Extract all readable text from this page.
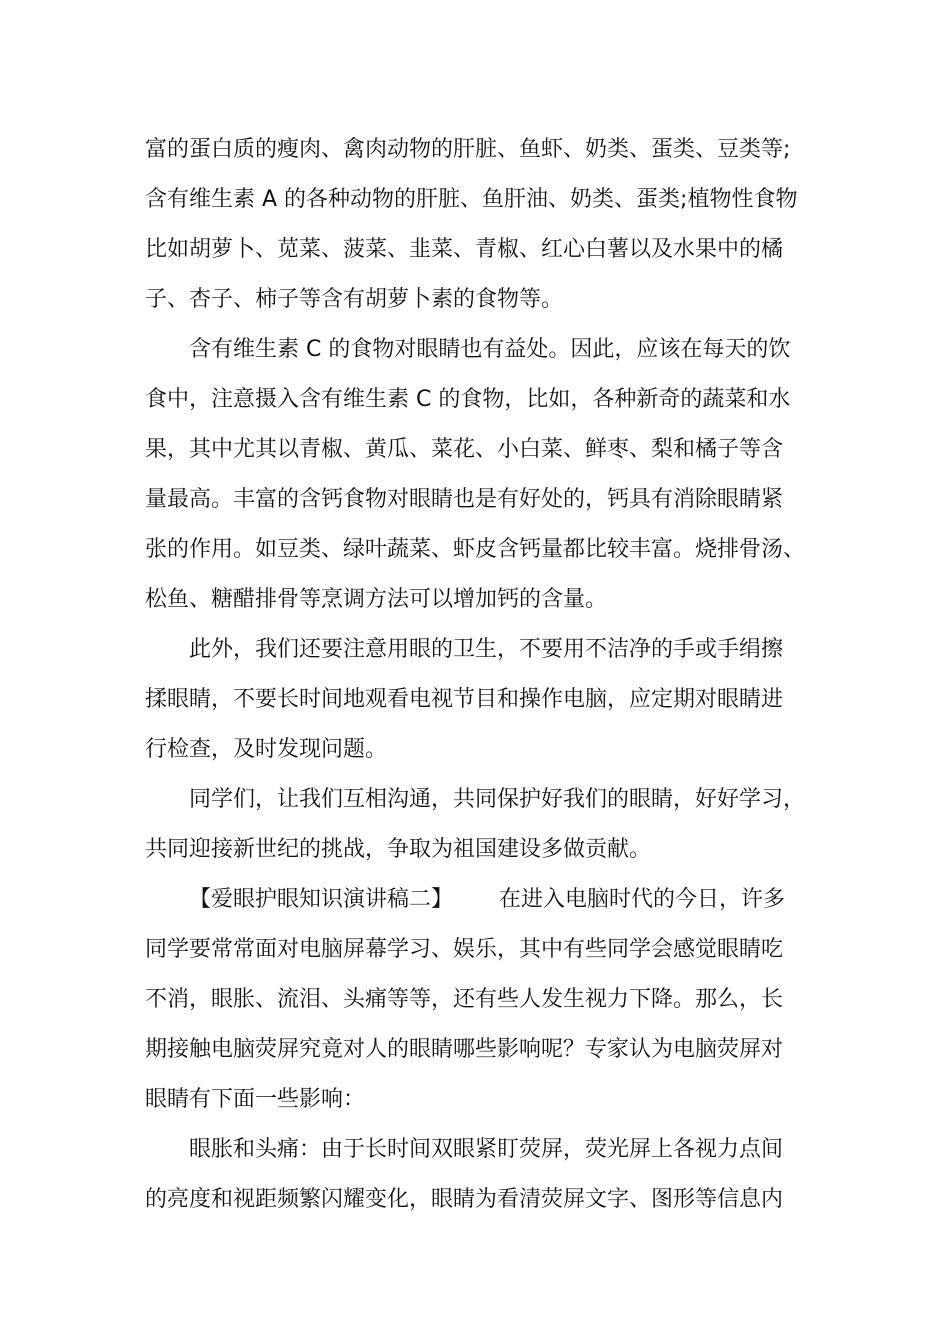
富的蛋白质的瘦肉、禽肉动物的肝脏、鱼虾、奶类、蛋类、豆类等;
含有维生素 A 的各种动物的肝脏、鱼肝油、奶类、蛋类;植物性食物
比如胡萝卜、苋菜、菠菜、韭菜、青椒、红心白薯以及水果中的橘
子、杏子、柿子等含有胡萝卜素的食物等。
含有维生素 C 的食物对眼睛也有益处。因此，应该在每天的饮
食中，注意摄入含有维生素 C 的食物，比如，各种新奇的蔬菜和水
果，其中尤其以青椒、黄瓜、菜花、小白菜、鲜枣、梨和橘子等含
量最高。丰富的含钙食物对眼睛也是有好处的，钙具有消除眼睛紧
张的作用。如豆类、绿叶蔬菜、虾皮含钙量都比较丰富。烧排骨汤、
松鱼、糖醋排骨等烹调方法可以增加钙的含量。
此外，我们还要注意用眼的卫生，不要用不洁净的手或手绢擦
揉眼睛，不要长时间地观看电视节目和操作电脑，应定期对眼睛进
行检查，及时发现问题。
同学们，让我们互相沟通，共同保护好我们的眼睛，好好学习，
共同迎接新世纪的挑战，争取为祖国建设多做贡献。
【爱眼护眼知识演讲稿二】 在进入电脑时代的今日，许多
同学要常常面对电脑屏幕学习、娱乐，其中有些同学会感觉眼睛吃
不消，眼胀、流泪、头痛等等，还有些人发生视力下降。那么，长
期接触电脑荧屏究竟对人的眼睛哪些影响呢？专家认为电脑荧屏对
眼睛有下面一些影响：
眼胀和头痛：由于长时间双眼紧盯荧屏，荧光屏上各视力点间
的亮度和视距频繁闪耀变化，眼睛为看清荧屏文字、图形等信息内
